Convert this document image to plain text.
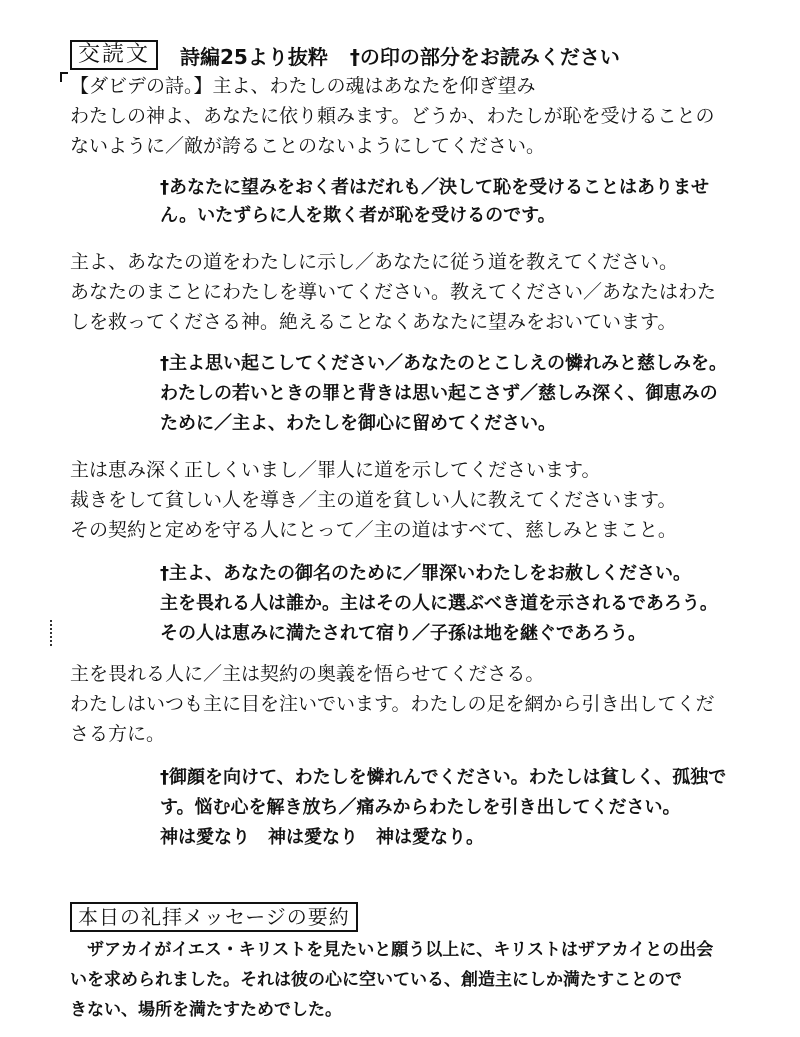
交読文	詩編25より抜粋 †の印の部分をお読みください
【ダビデの詩。】主よ、わたしの魂はあなたを仰ぎ望み
わたしの神よ、あなたに依り頼みます。どうか、わたしが恥を受けることの
ないように／敵が誇ることのないようにしてください。
†あなたに望みをおく者はだれも／決して恥を受けることはありませ
ん。いたずらに人を欺く者が恥を受けるのです。
主よ、あなたの道をわたしに示し／あなたに従う道を教えてください。
あなたのまことにわたしを導いてください。教えてください／あなたはわた
しを救ってくださる神。絶えることなくあなたに望みをおいています。
†主よ思い起こしてください／あなたのとこしえの憐れみと慈しみを。
わたしの若いときの罪と背きは思い起こさず／慈しみ深く、御恵みの
ために／主よ、わたしを御心に留めてください。
主は恵み深く正しくいまし／罪人に道を示してくださいます。
裁きをして貧しい人を導き／主の道を貧しい人に教えてくださいます。
その契約と定めを守る人にとって／主の道はすべて、慈しみとまこと。
†主よ、あなたの御名のために／罪深いわたしをお赦しください。
主を畏れる人は誰か。主はその人に選ぶべき道を示されるであろう。
その人は恵みに満たされて宿り／子孫は地を継ぐであろう。
主を畏れる人に／主は契約の奥義を悟らせてくださる。
わたしはいつも主に目を注いでいます。わたしの足を網から引き出してくだ
さる方に。
†御顔を向けて、わたしを憐れんでください。わたしは貧しく、孤独で
す。悩む心を解き放ち／痛みからわたしを引き出してください。
神は愛なり　神は愛なり　神は愛なり。
本日の礼拝メッセージの要約
　ザアカイがイエス・キリストを見たいと願う以上に、キリストはザアカイとの出会
いを求められました。それは彼の心に空いている、創造主にしか満たすことので
きない、場所を満たすためでした。
